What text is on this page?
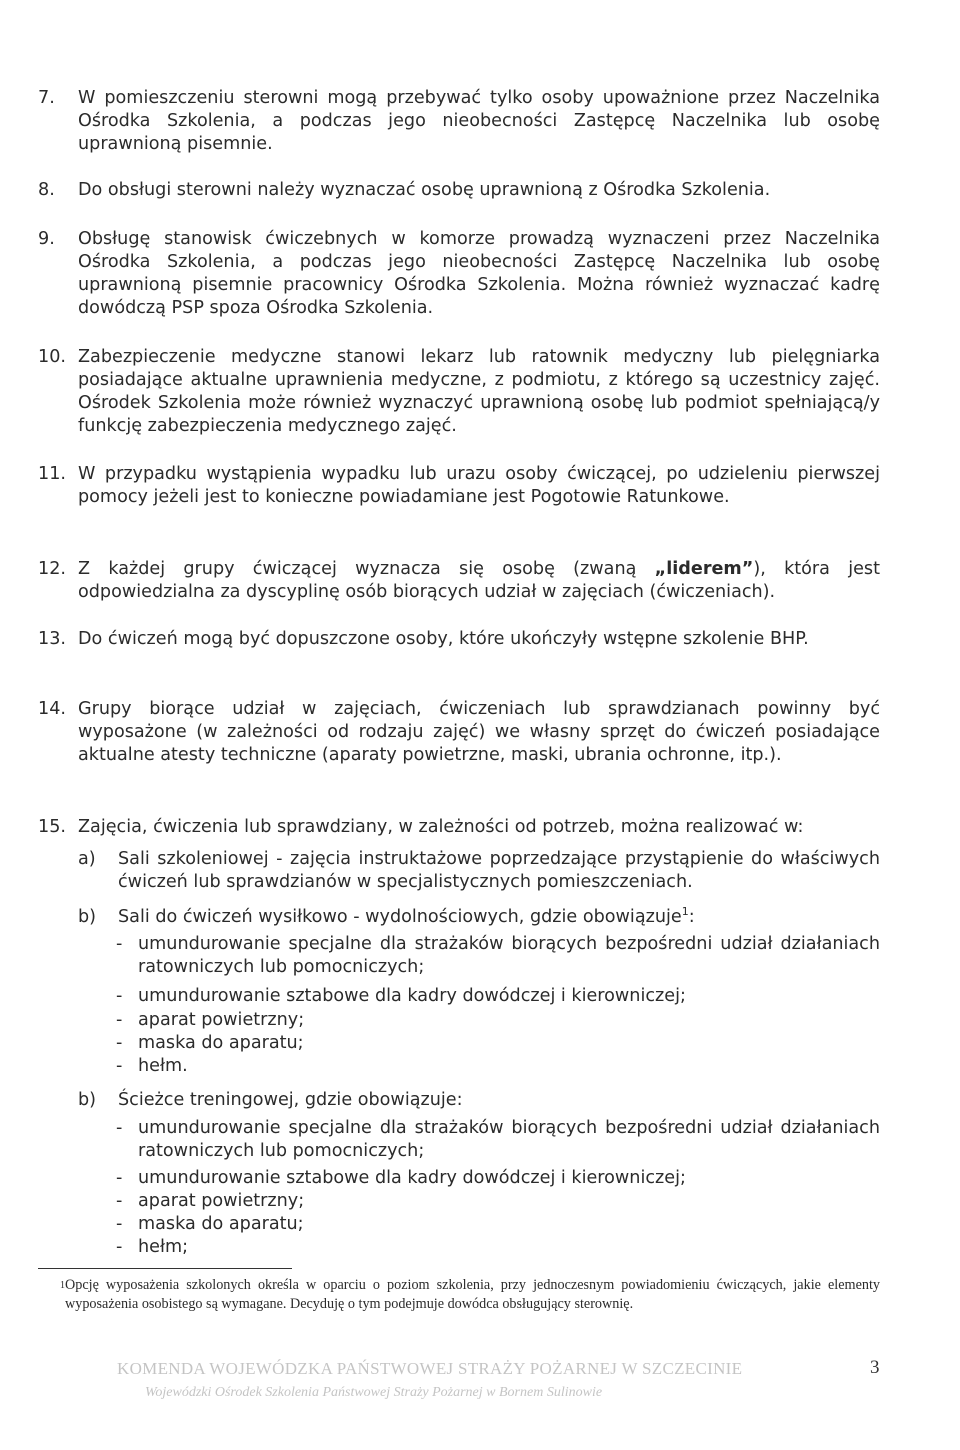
7. W pomieszczeniu sterowni mogą przebywać tylko osoby upoważnione przez Naczelnika Ośrodka Szkolenia, a podczas jego nieobecności Zastępcę Naczelnika lub osobę uprawnioną pisemnie.
8. Do obsługi sterowni należy wyznaczać osobę uprawnioną z Ośrodka Szkolenia.
9. Obsługę stanowisk ćwiczebnych w komorze prowadzą wyznaczeni przez Naczelnika Ośrodka Szkolenia, a podczas jego nieobecności Zastępcę Naczelnika lub osobę uprawnioną pisemnie pracownicy Ośrodka Szkolenia. Można również wyznaczać kadrę dowódczą PSP spoza Ośrodka Szkolenia.
10. Zabezpieczenie medyczne stanowi lekarz lub ratownik medyczny lub pielęgniarka posiadające aktualne uprawnienia medyczne, z podmiotu, z którego są uczestnicy zajęć. Ośrodek Szkolenia może również wyznaczyć uprawnioną osobę lub podmiot spełniającą/y funkcję zabezpieczenia medycznego zajęć.
11. W przypadku wystąpienia wypadku lub urazu osoby ćwiczącej, po udzieleniu pierwszej pomocy jeżeli jest to konieczne powiadamiane jest Pogotowie Ratunkowe.
12. Z każdej grupy ćwiczącej wyznacza się osobę (zwaną „liderem”), która jest odpowiedzialna za dyscyplinę osób biorących udział w zajęciach (ćwiczeniach).
13. Do ćwiczeń mogą być dopuszczone osoby, które ukończyły wstępne szkolenie BHP.
14. Grupy biorące udział w zajęciach, ćwiczeniach lub sprawdzianach powinny być wyposażone (w zależności od rodzaju zajęć) we własny sprzęt do ćwiczeń posiadające aktualne atesty techniczne (aparaty powietrzne, maski, ubrania ochronne, itp.).
15. Zajęcia, ćwiczenia lub sprawdziany, w zależności od potrzeb, można realizować w:
a) Sali szkoleniowej - zajęcia instruktażowe poprzedzające przystąpienie do właściwych ćwiczeń lub sprawdzianów w specjalistycznych pomieszczeniach.
b) Sali do ćwiczeń wysiłkowo - wydolnościowych, gdzie obowiązuje$^1$:
- umundurowanie specjalne dla strażaków biorących bezpośredni udział działaniach ratowniczych lub pomocniczych;
- umundurowanie sztabowe dla kadry dowódczej i kierowniczej;
- aparat powietrzny;
- maska do aparatu;
- hełm.
b) Ścieżce treningowej, gdzie obowiązuje:
- umundurowanie specjalne dla strażaków biorących bezpośredni udział działaniach ratowniczych lub pomocniczych;
- umundurowanie sztabowe dla kadry dowódczej i kierowniczej;
- aparat powietrzny;
- maska do aparatu;
- hełm;
1 Opcję wyposażenia szkolonych określa w oparciu o poziom szkolenia, przy jednoczesnym powiadomieniu ćwiczących, jakie elementy wyposażenia osobistego są wymagane. Decyduję o tym podejmuje dowódca obsługujący sterownię.
KOMENDA WOJEWÓDZKA PAŃSTWOWEJ STRAŻY POŻARNEJ W SZCZECINIE
Wojewódzki Ośrodek Szkolenia Państwowej Straży Pożarnej w Bornem Sulinowie
3
